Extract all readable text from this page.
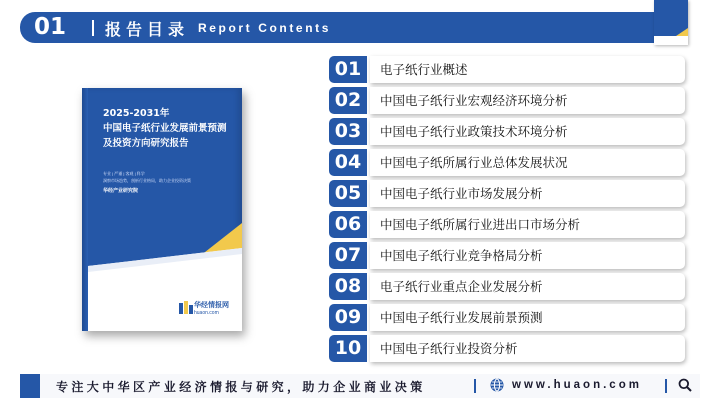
01 报告目录 Report Contents
2025-2031年
中国电子纸行业发展前景预测
及投资方向研究报告
专业 | 严谨 | 客观 | 科学
洞察市场趋势，剖析行业格局，助力企业投资决策
华经产业研究院
华经情报网
huaon.com
01	电子纸行业概述
02	中国电子纸行业宏观经济环境分析
03	中国电子纸行业政策技术环境分析
04	中国电子纸所属行业总体发展状况
05	中国电子纸行业市场发展分析
06	中国电子纸所属行业进出口市场分析
07	中国电子纸行业竞争格局分析
08	电子纸行业重点企业发展分析
09	中国电子纸行业发展前景预测
10	中国电子纸行业投资分析
专注大中华区产业经济情报与研究，助力企业商业决策	www.huaon.com
